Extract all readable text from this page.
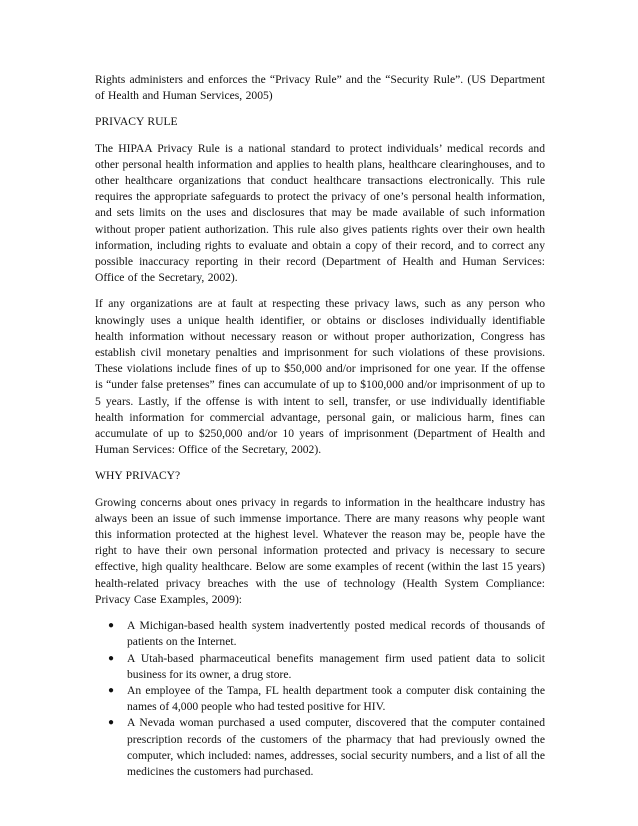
Rights administers and enforces the “Privacy Rule” and the “Security Rule”. (US Department of Health and Human Services, 2005)

PRIVACY RULE

The HIPAA Privacy Rule is a national standard to protect individuals’ medical records and other personal health information and applies to health plans, healthcare clearinghouses, and to other healthcare organizations that conduct healthcare transactions electronically. This rule requires the appropriate safeguards to protect the privacy of one’s personal health information, and sets limits on the uses and disclosures that may be made available of such information without proper patient authorization. This rule also gives patients rights over their own health information, including rights to evaluate and obtain a copy of their record, and to correct any possible inaccuracy reporting in their record (Department of Health and Human Services: Office of the Secretary, 2002).

If any organizations are at fault at respecting these privacy laws, such as any person who knowingly uses a unique health identifier, or obtains or discloses individually identifiable health information without necessary reason or without proper authorization, Congress has establish civil monetary penalties and imprisonment for such violations of these provisions. These violations include fines of up to $50,000 and/or imprisoned for one year. If the offense is “under false pretenses” fines can accumulate of up to $100,000 and/or imprisonment of up to 5 years. Lastly, if the offense is with intent to sell, transfer, or use individually identifiable health information for commercial advantage, personal gain, or malicious harm, fines can accumulate of up to $250,000 and/or 10 years of imprisonment (Department of Health and Human Services: Office of the Secretary, 2002).

WHY PRIVACY?

Growing concerns about ones privacy in regards to information in the healthcare industry has always been an issue of such immense importance. There are many reasons why people want this information protected at the highest level. Whatever the reason may be, people have the right to have their own personal information protected and privacy is necessary to secure effective, high quality healthcare. Below are some examples of recent (within the last 15 years) health-related privacy breaches with the use of technology (Health System Compliance: Privacy Case Examples, 2009):

● A Michigan-based health system inadvertently posted medical records of thousands of patients on the Internet.
● A Utah-based pharmaceutical benefits management firm used patient data to solicit business for its owner, a drug store.
● An employee of the Tampa, FL health department took a computer disk containing the names of 4,000 people who had tested positive for HIV.
● A Nevada woman purchased a used computer, discovered that the computer contained prescription records of the customers of the pharmacy that had previously owned the computer, which included: names, addresses, social security numbers, and a list of all the medicines the customers had purchased.
